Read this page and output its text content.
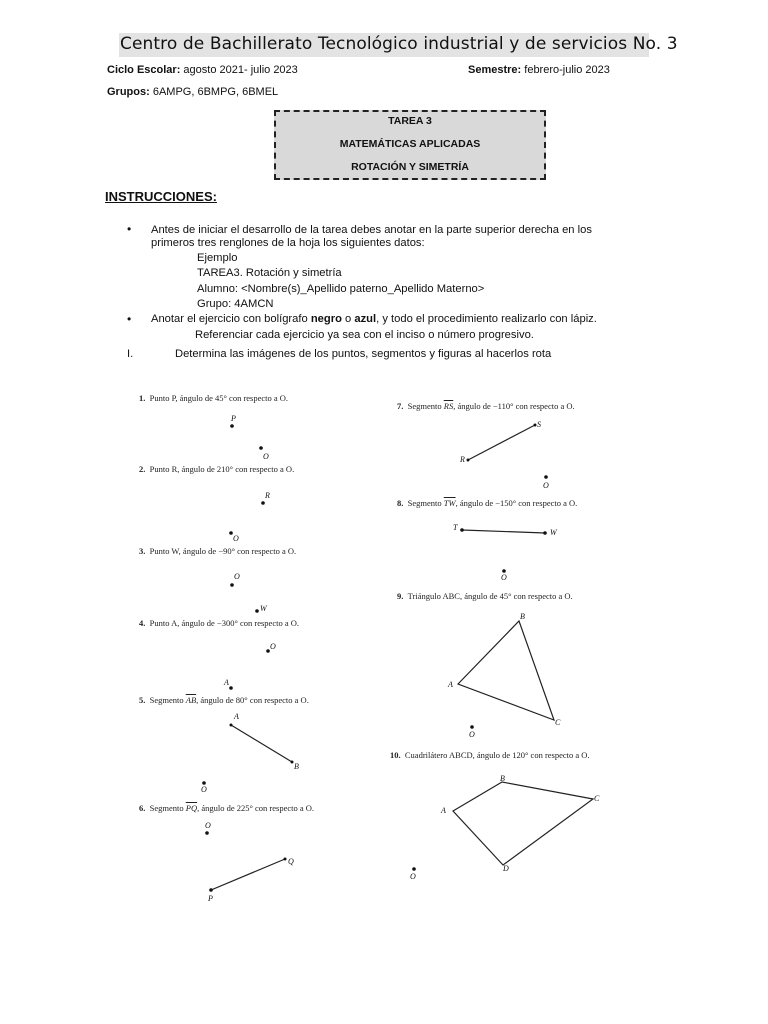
Centro de Bachillerato Tecnológico industrial y de servicios No. 3
Ciclo Escolar: agosto 2021- julio 2023	Semestre: febrero-julio 2023
Grupos: 6AMPG, 6BMPG, 6BMEL
TAREA 3
MATEMÁTICAS APLICADAS
ROTACIÓN Y SIMETRÍA
INSTRUCCIONES:
• Antes de iniciar el desarrollo de la tarea debes anotar en la parte superior derecha en los
primeros tres renglones de la hoja los siguientes datos:
Ejemplo
TAREA3. Rotación y simetría
Alumno: <Nombre(s)_Apellido paterno_Apellido Materno>
Grupo: 4AMCN
• Anotar el ejercicio con bolígrafo negro o azul, y todo el procedimiento realizarlo con lápiz.
Referenciar cada ejercicio ya sea con el inciso o número progresivo.
I.	Determina las imágenes de los puntos, segmentos y figuras al hacerlos rota
1. Punto P, ángulo de 45° con respecto a O.
2. Punto R, ángulo de 210° con respecto a O.
3. Punto W, ángulo de −90° con respecto a O.
4. Punto A, ángulo de −300° con respecto a O.
5. Segmento $\overline{AB}$, ángulo de 80° con respecto a O.
6. Segmento $\overline{PQ}$, ángulo de 225° con respecto a O.
7. Segmento $\overline{RS}$, ángulo de −110° con respecto a O.
8. Segmento $\overline{TW}$, ángulo de −150° con respecto a O.
9. Triángulo ABC, ángulo de 45° con respecto a O.
10. Cuadrilátero ABCD, ángulo de 120° con respecto a O.
P
O
R
O
O
W
O
A
A
B
O
O
Q
P
S
R
O
T
W
O
B
A
C
O
B
C
A
D
O
